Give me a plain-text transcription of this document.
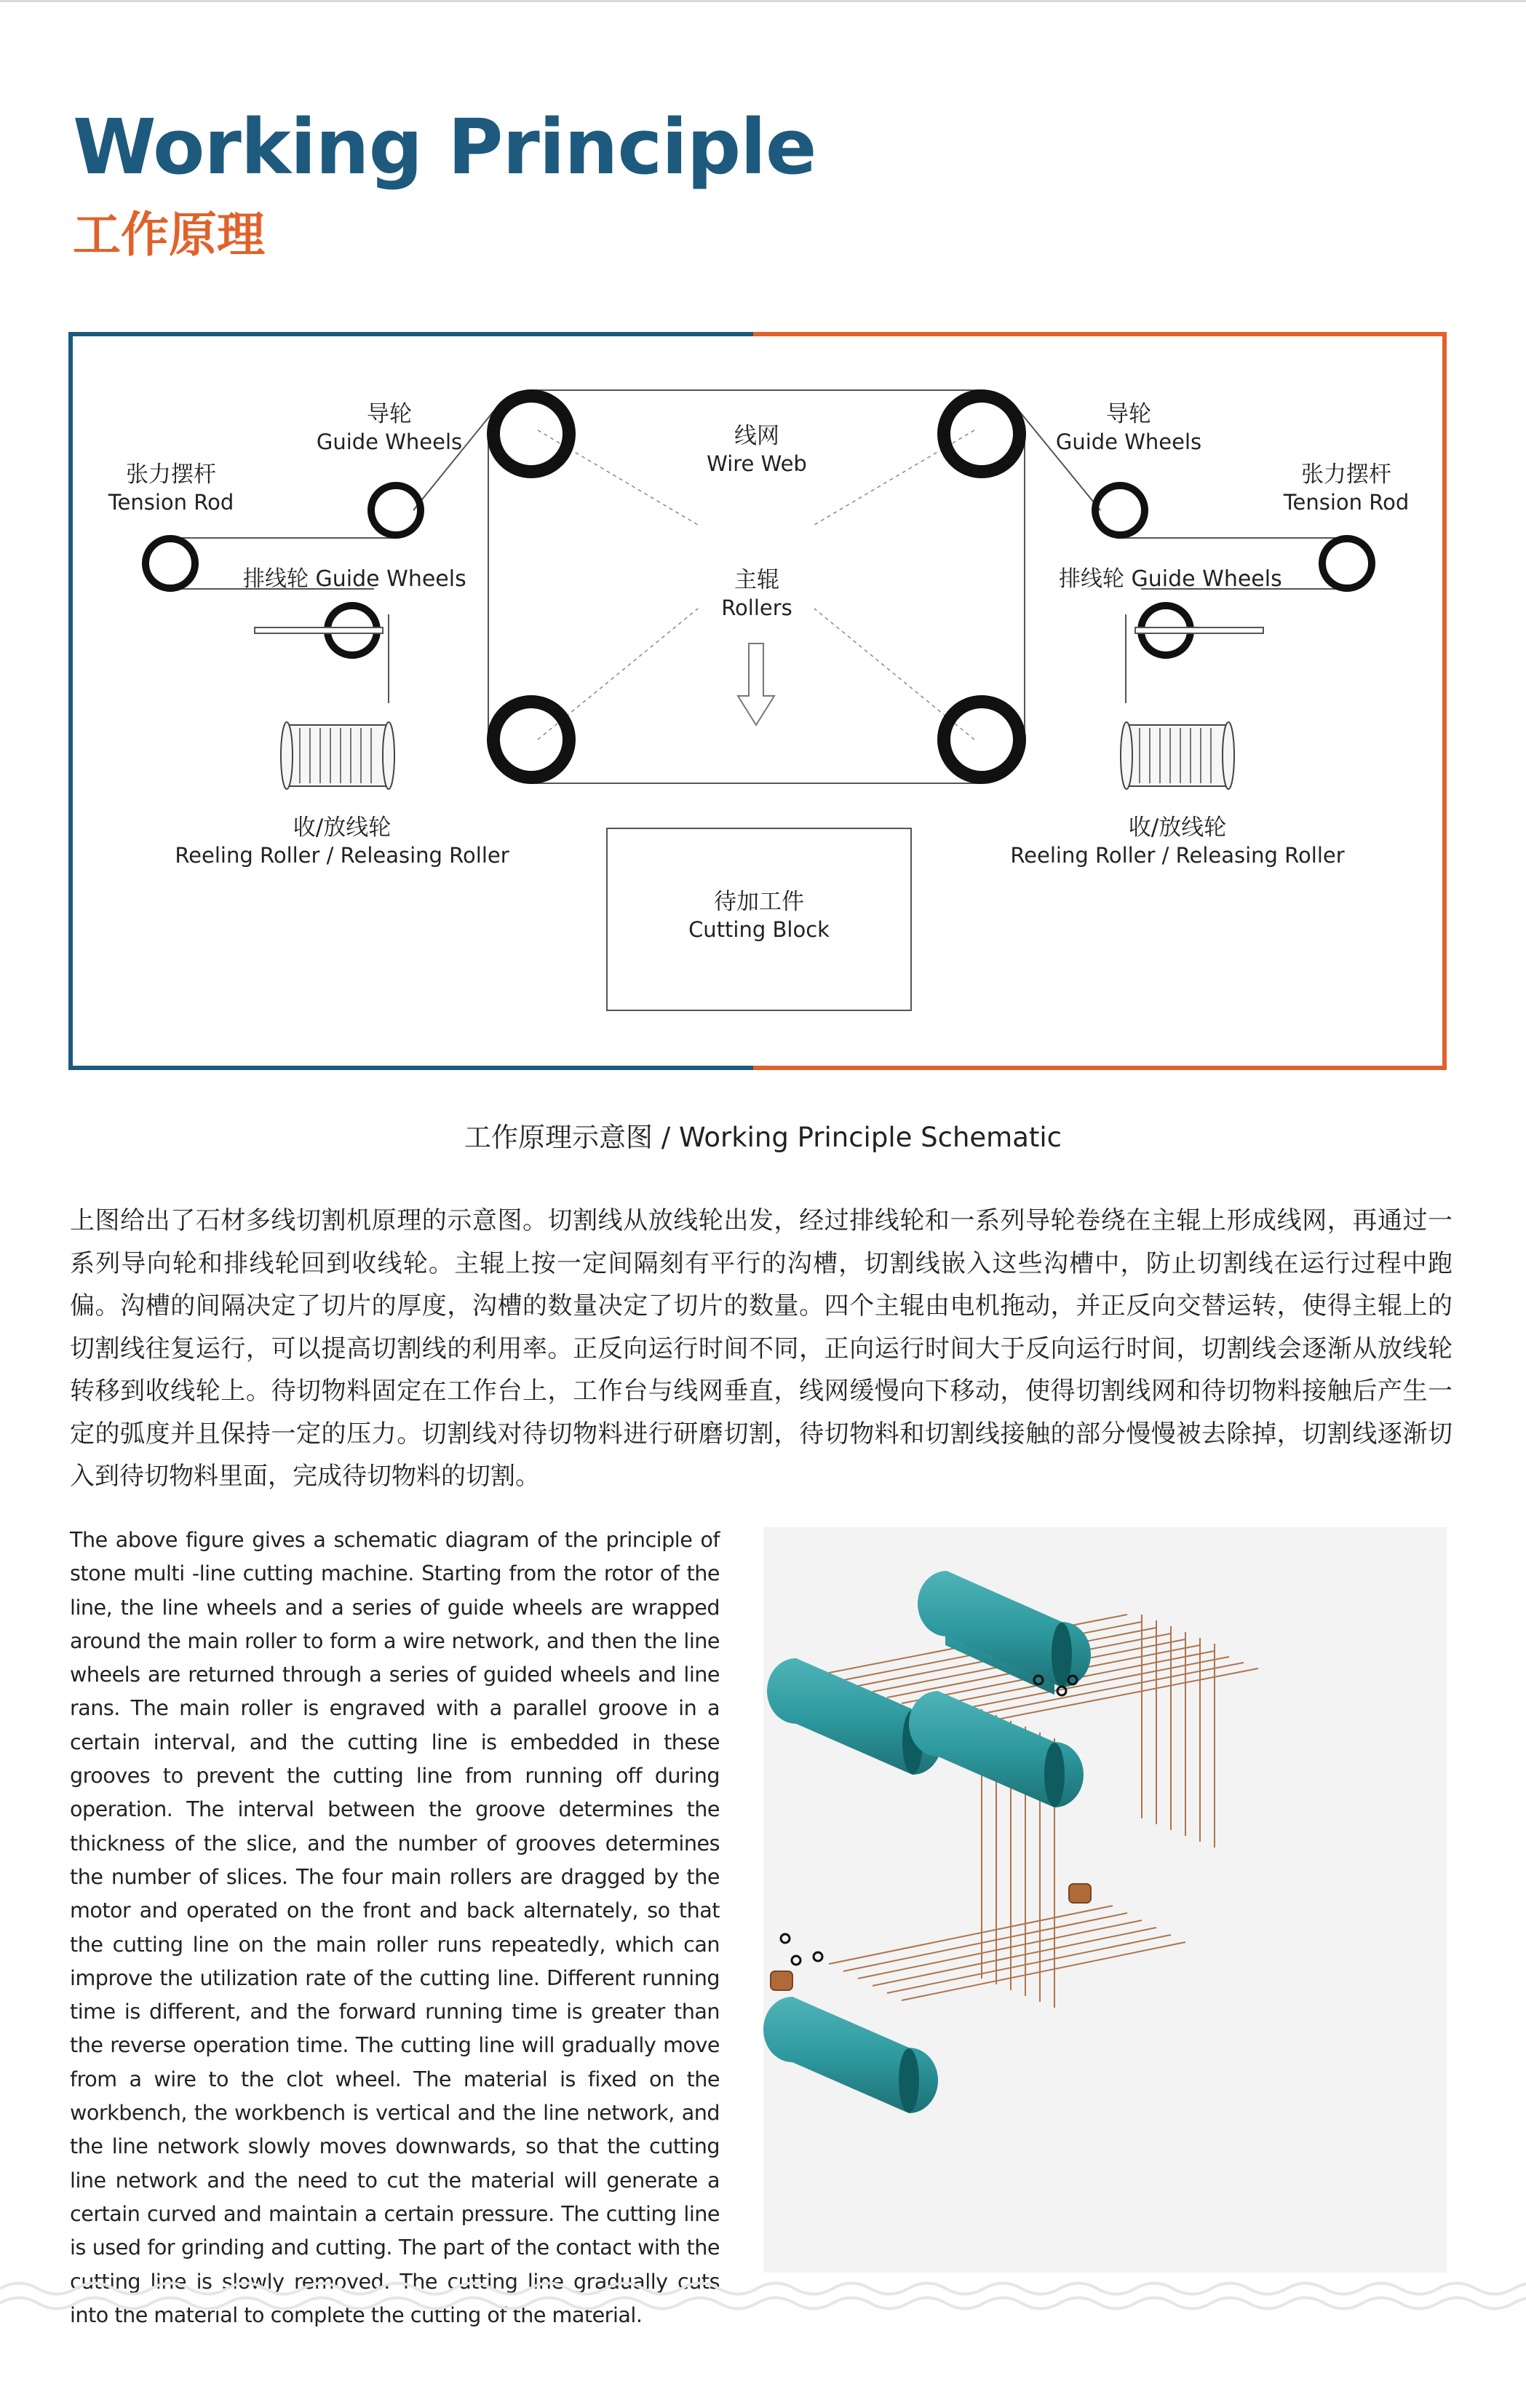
Working Principle
工作原理
导轮
Guide Wheels
张力摆杆
Tension Rod
排线轮 Guide Wheels
线网
Wire Web
主辊
Rollers
导轮
Guide Wheels
张力摆杆
Tension Rod
排线轮 Guide Wheels
收/放线轮
Reeling Roller / Releasing Roller
收/放线轮
Reeling Roller / Releasing Roller
待加工件
Cutting Block
工作原理示意图 / Working Principle Schematic
上图给出了石材多线切割机原理的示意图。切割线从放线轮出发，经过排线轮和一系列导轮卷绕在主辊上形成线网，再通过一系列导向轮和排线轮回到收线轮。主辊上按一定间隔刻有平行的沟槽，切割线嵌入这些沟槽中，防止切割线在运行过程中跑偏。沟槽的间隔决定了切片的厚度，沟槽的数量决定了切片的数量。四个主辊由电机拖动，并正反向交替运转，使得主辊上的切割线往复运行，可以提高切割线的利用率。正反向运行时间不同，正向运行时间大于反向运行时间，切割线会逐渐从放线轮转移到收线轮上。待切物料固定在工作台上，工作台与线网垂直，线网缓慢向下移动，使得切割线网和待切物料接触后产生一定的弧度并且保持一定的压力。切割线对待切物料进行研磨切割，待切物料和切割线接触的部分慢慢被去除掉，切割线逐渐切入到待切物料里面，完成待切物料的切割。
The above figure gives a schematic diagram of the principle of stone multi -line cutting machine. Starting from the rotor of the line, the line wheels and a series of guide wheels are wrapped around the main roller to form a wire network, and then the line wheels are returned through a series of guided wheels and line rans. The main roller is engraved with a parallel groove in a certain interval, and the cutting line is embedded in these grooves to prevent the cutting line from running off during operation. The interval between the groove determines the thickness of the slice, and the number of grooves determines the number of slices. The four main rollers are dragged by the motor and operated on the front and back alternately, so that the cutting line on the main roller runs repeatedly, which can improve the utilization rate of the cutting line. Different running time is different, and the forward running time is greater than the reverse operation time. The cutting line will gradually move from a wire to the clot wheel. The material is fixed on the workbench, the workbench is vertical and the line network, and the line network slowly moves downwards, so that the cutting line network and the need to cut the material will generate a certain curved and maintain a certain pressure. The cutting line is used for grinding and cutting. The part of the contact with the cutting line is slowly removed. The cutting line gradually cuts into the material to complete the cutting of the material.
